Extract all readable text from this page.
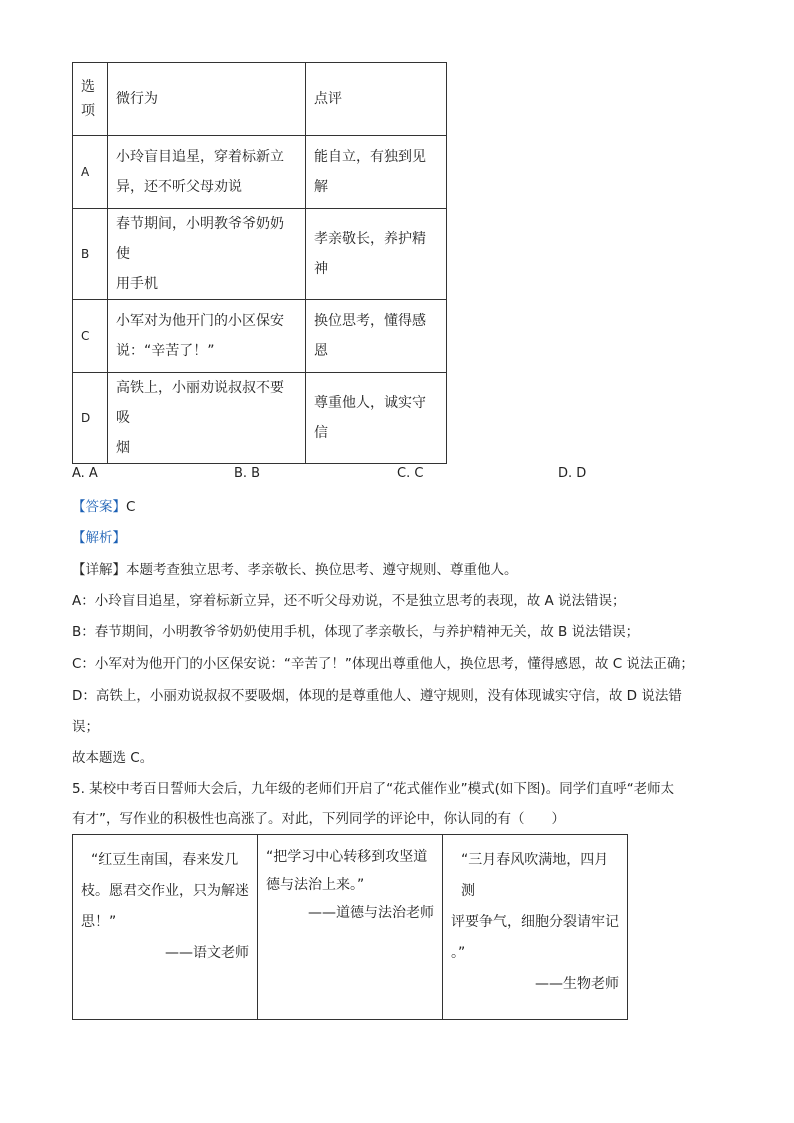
选
项	微行为	点评
A	小玲盲目追星，穿着标新立
异，还不听父母劝说	能自立，有独到见解
B	春节期间，小明教爷爷奶奶使
用手机	孝亲敬长，养护精神
C	小军对为他开门的小区保安
说：“辛苦了！”	换位思考，懂得感恩
D	高铁上，小丽劝说叔叔不要吸
烟	尊重他人，诚实守信
A. A	B. B	C. C	D. D
【答案】C
【解析】
【详解】本题考查独立思考、孝亲敬长、换位思考、遵守规则、尊重他人。
A：小玲盲目追星，穿着标新立异，还不听父母劝说，不是独立思考的表现，故 A 说法错误；
B：春节期间，小明教爷爷奶奶使用手机，体现了孝亲敬长，与养护精神无关，故 B 说法错误；
C：小军对为他开门的小区保安说：“辛苦了！”体现出尊重他人，换位思考，懂得感恩，故 C 说法正确；
D：高铁上，小丽劝说叔叔不要吸烟，体现的是尊重他人、遵守规则，没有体现诚实守信，故 D 说法错
误；
故本题选 C。
5. 某校中考百日誓师大会后，九年级的老师们开启了“花式催作业”模式(如下图)。同学们直呼“老师太
有才”，写作业的积极性也高涨了。对此，下列同学的评论中，你认同的有（　　）
“红豆生南国，春来发几
枝。愿君交作业，只为解迷
思！”
——语文老师

“把学习中心转移到攻坚道
德与法治上来。”
——道德与法治老师

“三月春风吹满地，四月测
评要争气，细胞分裂请牢记
。”
——生物老师
